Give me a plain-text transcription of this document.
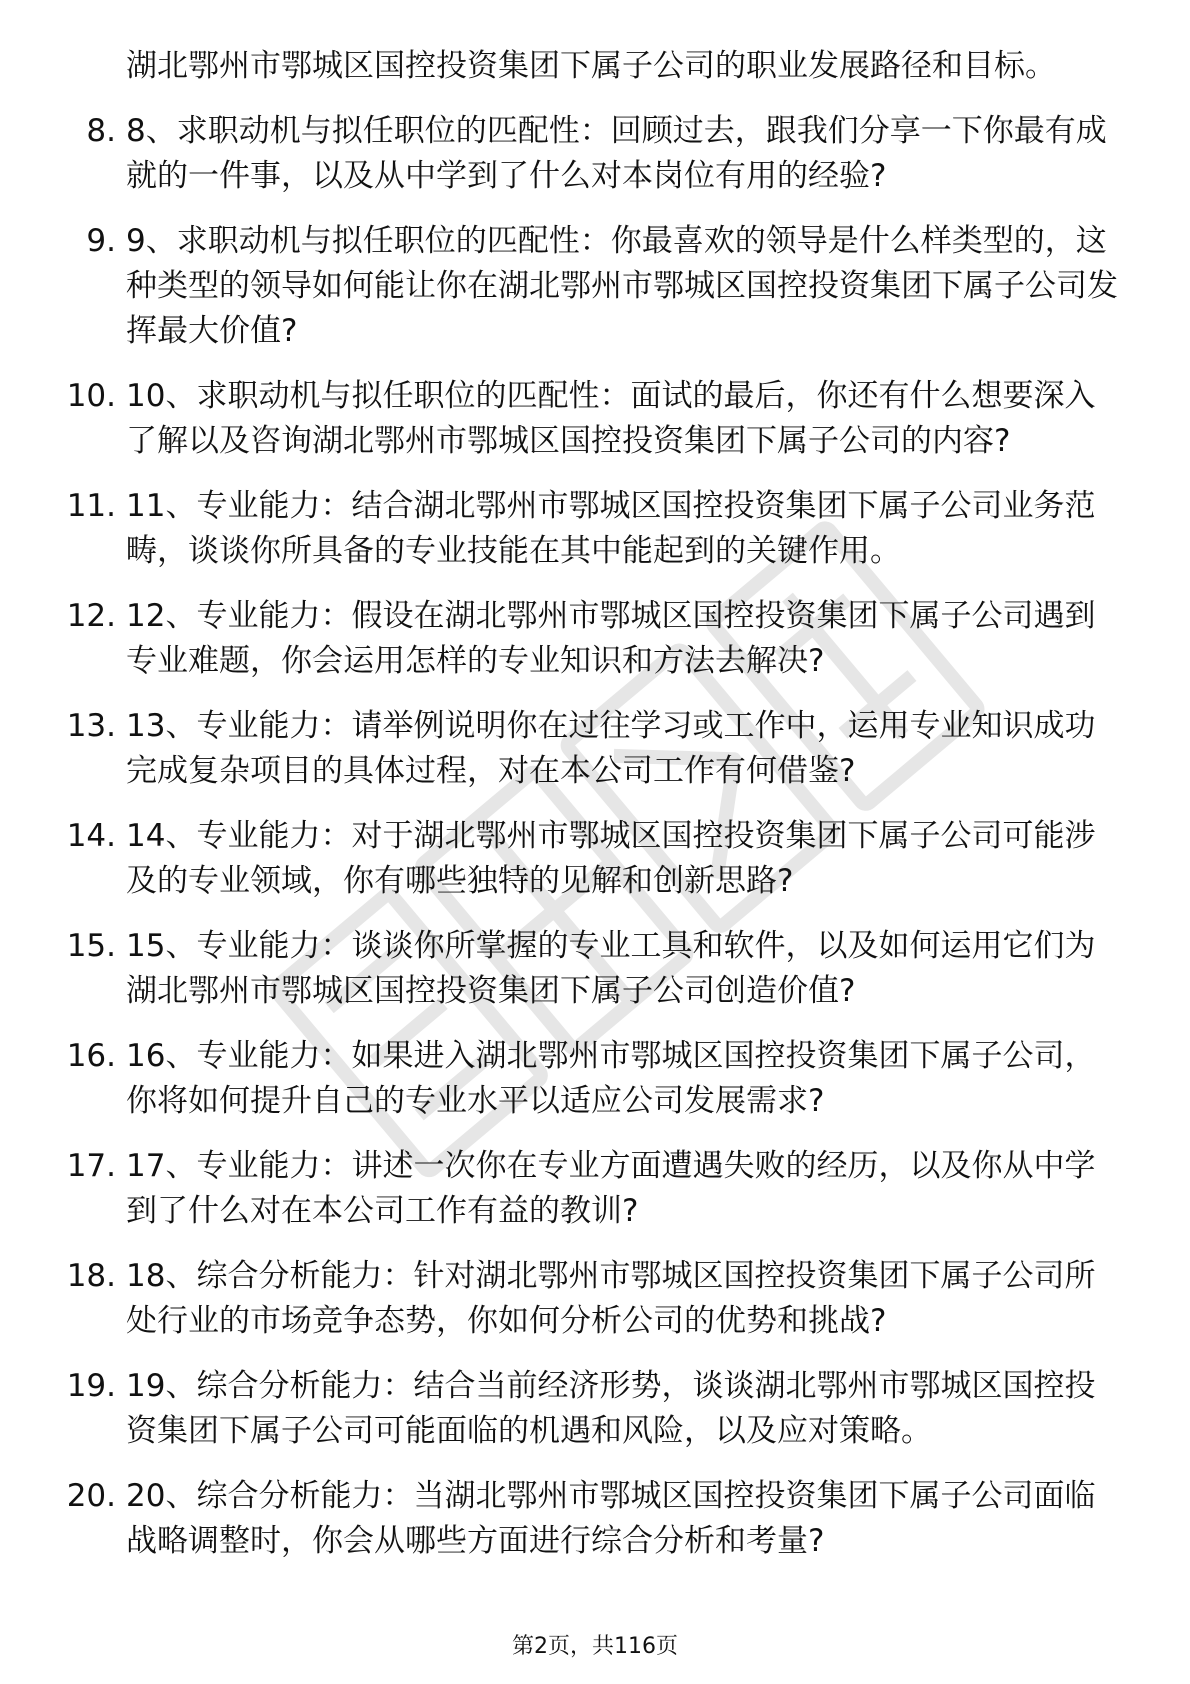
湖北鄂州市鄂城区国控投资集团下属子公司的职业发展路径和目标。
8. 8、求职动机与拟任职位的匹配性：回顾过去，跟我们分享一下你最有成就的一件事，以及从中学到了什么对本岗位有用的经验?
9. 9、求职动机与拟任职位的匹配性：你最喜欢的领导是什么样类型的，这种类型的领导如何能让你在湖北鄂州市鄂城区国控投资集团下属子公司发挥最大价值?
10. 10、求职动机与拟任职位的匹配性：面试的最后，你还有什么想要深入了解以及咨询湖北鄂州市鄂城区国控投资集团下属子公司的内容?
11. 11、专业能力：结合湖北鄂州市鄂城区国控投资集团下属子公司业务范畴，谈谈你所具备的专业技能在其中能起到的关键作用。
12. 12、专业能力：假设在湖北鄂州市鄂城区国控投资集团下属子公司遇到专业难题，你会运用怎样的专业知识和方法去解决?
13. 13、专业能力：请举例说明你在过往学习或工作中，运用专业知识成功完成复杂项目的具体过程，对在本公司工作有何借鉴?
14. 14、专业能力：对于湖北鄂州市鄂城区国控投资集团下属子公司可能涉及的专业领域，你有哪些独特的见解和创新思路?
15. 15、专业能力：谈谈你所掌握的专业工具和软件，以及如何运用它们为湖北鄂州市鄂城区国控投资集团下属子公司创造价值?
16. 16、专业能力：如果进入湖北鄂州市鄂城区国控投资集团下属子公司，你将如何提升自己的专业水平以适应公司发展需求?
17. 17、专业能力：讲述一次你在专业方面遭遇失败的经历，以及你从中学到了什么对在本公司工作有益的教训?
18. 18、综合分析能力：针对湖北鄂州市鄂城区国控投资集团下属子公司所处行业的市场竞争态势，你如何分析公司的优势和挑战?
19. 19、综合分析能力：结合当前经济形势，谈谈湖北鄂州市鄂城区国控投资集团下属子公司可能面临的机遇和风险，以及应对策略。
20. 20、综合分析能力：当湖北鄂州市鄂城区国控投资集团下属子公司面临战略调整时，你会从哪些方面进行综合分析和考量?
第2页，共116页
